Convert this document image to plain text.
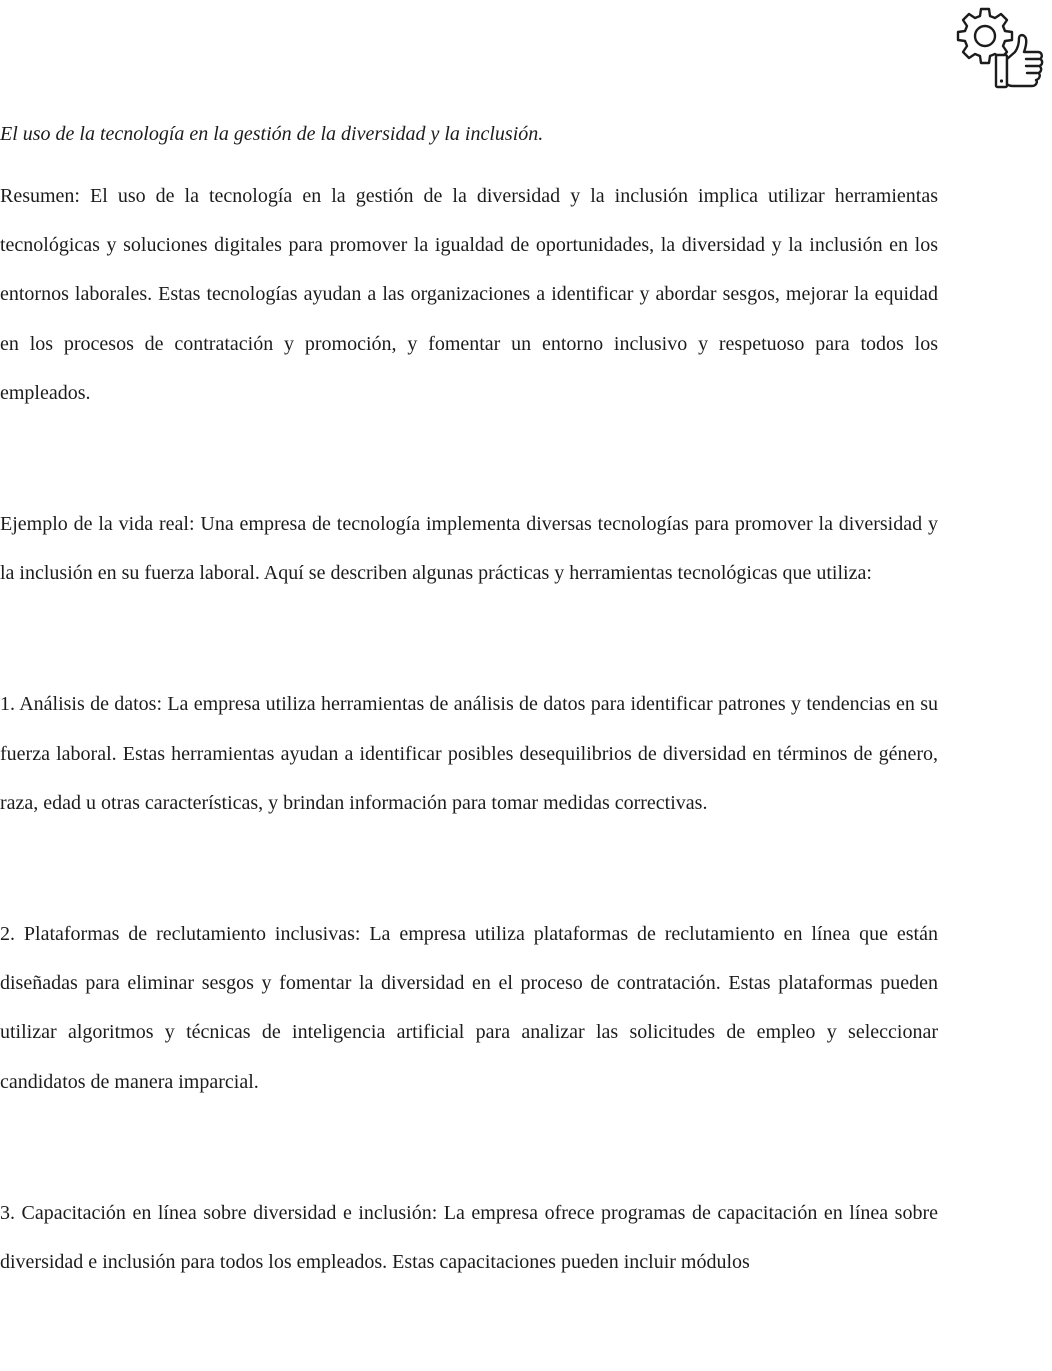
El uso de la tecnología en la gestión de la diversidad y la inclusión.

Resumen: El uso de la tecnología en la gestión de la diversidad y la inclusión implica utilizar herramientas tecnológicas y soluciones digitales para promover la igualdad de oportunidades, la diversidad y la inclusión en los entornos laborales. Estas tecnologías ayudan a las organizaciones a identificar y abordar sesgos, mejorar la equidad en los procesos de contratación y promoción, y fomentar un entorno inclusivo y respetuoso para todos los empleados.

Ejemplo de la vida real: Una empresa de tecnología implementa diversas tecnologías para promover la diversidad y la inclusión en su fuerza laboral. Aquí se describen algunas prácticas y herramientas tecnológicas que utiliza:

1. Análisis de datos: La empresa utiliza herramientas de análisis de datos para identificar patrones y tendencias en su fuerza laboral. Estas herramientas ayudan a identificar posibles desequilibrios de diversidad en términos de género, raza, edad u otras características, y brindan información para tomar medidas correctivas.

2. Plataformas de reclutamiento inclusivas: La empresa utiliza plataformas de reclutamiento en línea que están diseñadas para eliminar sesgos y fomentar la diversidad en el proceso de contratación. Estas plataformas pueden utilizar algoritmos y técnicas de inteligencia artificial para analizar las solicitudes de empleo y seleccionar candidatos de manera imparcial.

3. Capacitación en línea sobre diversidad e inclusión: La empresa ofrece programas de capacitación en línea sobre diversidad e inclusión para todos los empleados. Estas capacitaciones pueden incluir módulos
